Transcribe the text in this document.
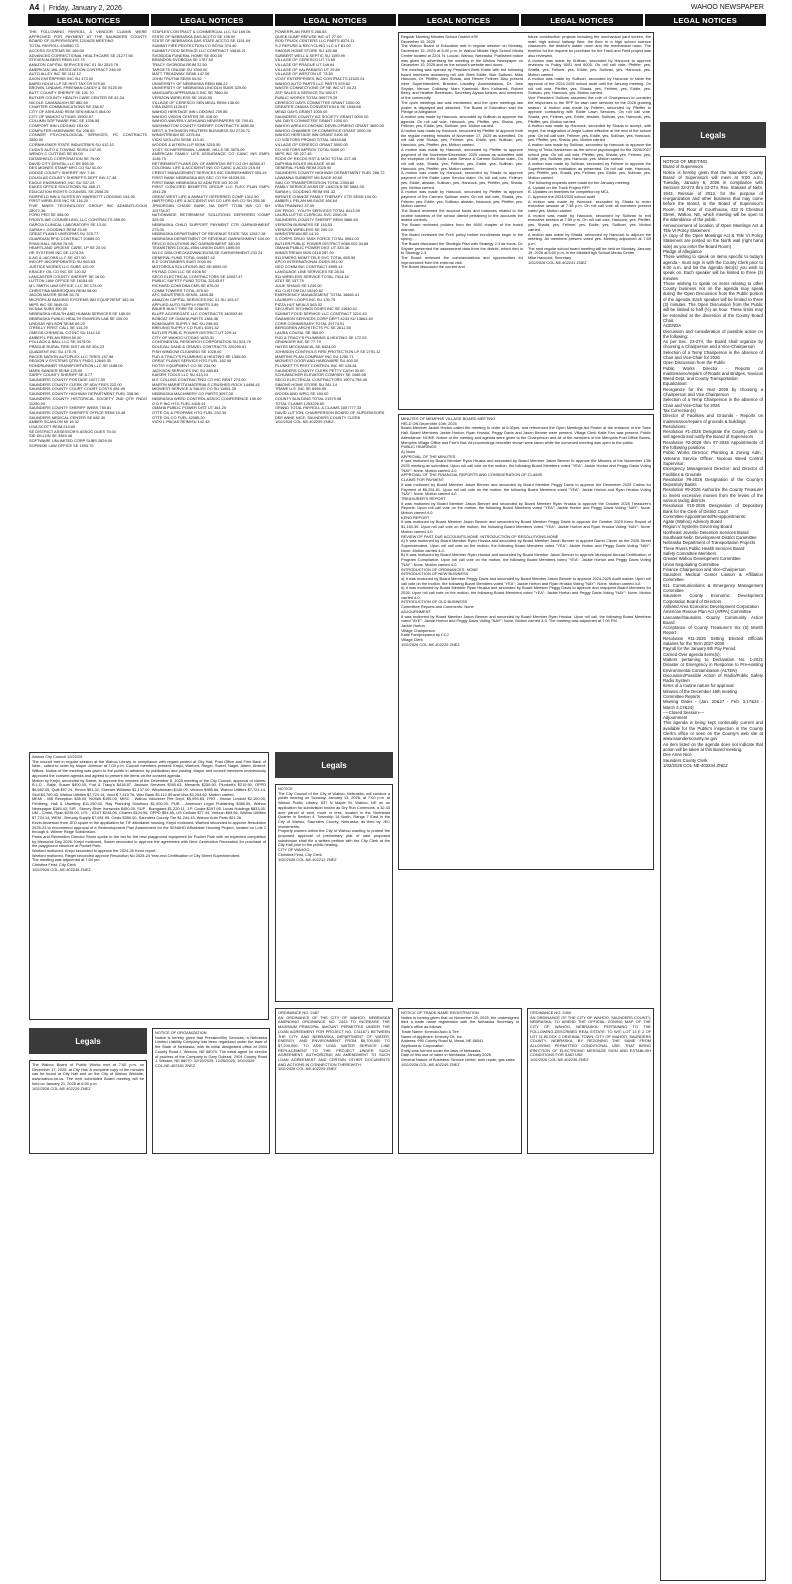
A4  |  Friday, January 2, 2026	WAHOO NEWSPAPER
LEGAL NOTICES	LEGAL NOTICES	LEGAL NOTICES	LEGAL NOTICES	LEGAL NOTICES	LEGAL NOTICES
THE FOLLOWING PAYROLL & VENDOR CLAIMS WERE APPROVED FOR PAYMENT AT THE SAUNDERS COUNTY BOARD OF SUPERVISORS 12/16/25 MEETING
TOTAL PAYROLL 404550.73
ACCESS SYSTEMS SE 169.00
ADVANCED CORRECTIONAL HEALTHCARE SE 21277.58
STEVEN ALBERS REIM 107.73
AMAZON CAPITAL SERVICES INC 01 SU 2515.78
AMERICAN JAIL ASSOCIATION CONTRACT 246.00
AUTO ALLEY INC SE 1111.12
AXON ENTERPRISE INC SU 473.92
BAIRD HOLM LLP SE HIST TAX CR 579.00
BROWN, LINDAHL FREEMAN CADDY & SE 9125.00
BUTT COUNTY SHERIFF SE 101.70
BUTLER COUNTY HEALTH CARE CENTER SE 42.34
NICOLE CAVANAUGH SE 882.50
CHARTER COMMUNICATIONS SE 338.97
CITY OF ASHLAND REIM SEN MEALS 564.00
CITY OF WAHOO UT/GAS 15902.57
COLUMN SOFTWARE PBC SE 1206.55
COMPORT INN LODGING 153.00
COMPUTER HARDWARE SU 208.00
CONNER PSYCHOLOGICAL SERVICES, PC CONTRACTS 2850.00
CORNHUSKER STATE INDUSTRIES SU 412.10
CUDA'S AUTO & TOWING SE/SU 247.00
WENDY C CUTTING SE 55.00
DATASHIELD CORPORATION SE 75.00
DAVID CITY DENTAL LLC SE 895.00
DES MOINES STAMP MFG CO SU 41.00
DODGE COUNTY SHERIFF INV 7.46
DOUGLAS COUNTY SHERIFF'S DEPT INV 17.48
EAGLE ENGRAVING, INC SU 337.23
EAKES OFFICE SOLUTIONS SU 468.17
EDUCATION RIGHTS COUNSEL SE 2506.25
FAIRFIELD INN & SUITES BY MARRIOTT LODGING 154.95
FIRST WIRELESS INC SE 116.20
FIVE NINES TECHNOLOGY GROUP INC ADMIN/TL/COLB 28072.36
FORD PRO SE 308.00
FRONTLINE COUNSELING, LLC CONTRACTS 395.00
GARCIA CLINICAL LABORATORY SE 13.00
SARAH L GOODING REIM 25.00
GREAT PLAINS UNIFORMS SU 378.77
GUARDIAN RFID CONTRACT 20689.00
RYAN HALL SE/MI 76.08
HEARTLAND URGENT CARE, LP SE 20.00
HR SYSTEMS INC SE 1274.28
ILAG & JACOBS LLC SE 437.50
INDOFF INCORPORATED SU 563.63
JUSTICE WORKS LLC SUBS 120.00
KRACEY OIL CO INC SE 120.02
LANCASTER COUNTY SHERIFF SE 16.00
LUTTON LAW OFFICE SE 16154.65
M L SMITH LAW OFFICE, LLC SE 175.00
CHRISTINA MARROQUIN REIM 98.00
JACOB MAYER SE/MI 34.76
MICROFILM IMAGING SYSTEMS IND EQUIP RENT 162.34
MIPS INC SE 3649.03
NCDAA SUBS 350.00
NEBRASKA HEALTH AND HUMAN SERVICES SE 180.00
NEBRASKA PUBLIC HEALTH ENVIRON LAB SE 105.00
LINDSAY NELSON SE/MI 69.20
O'REILLY FIRST CALL SE 114.29
OMEGA CHEMICAL CO INC SU 1114.19
AMBER L PELAN REIM 50.00
POLLACK & BALL LLC SE 3475.00
PRAGUE RURAL FIRE DIST #6 SE 304.23
QUADIENT INC SU 175.75
RACER NATION AUTOPLEX LLC TIRES 157.98
REGION V SYSTEMS QTRLY FNDG 12649.35
RONDRUNNER TRANSPORTATION LLC SE 1188.00
MARK SANDER SE/MI 125.00
SARPY COUNTY SHERIFF SE 8.77
SAUNDERS COUNTY POSTAGE 10277.59
SAUNDERS COUNTY CLERK OF ADV FEES 222.00
SAUNDERS COUNTY COURT COURT COSTS 481.99
SAUNDERS COUNTY HIGHWAY DEPARTMENT FUEL 338.96
SAUNDERS COUNTY HISTORICAL SOCIETY 2ND QTR FNDG 11250.00
SAUNDERS COUNTY SHERIFF WEBS 750.81
SAUNDERS COUNTY SHERIFFS OFFICE REIM 10.48
SAUNDERS MEDICAL CENTER SE 882.30
AMBER SCANLON MI 16.32
LISA SCOTT REIM 219.60
SE DISTRICT ASSESSOR'S ASSOC DUES 75.00
SID DILLON SE 3363.48
SOFTWARE UNLIMITED CORP SUBS 2629.00
SOPINSKI LAW OFFICE SE 1593.75
STAPLES CONTRACT & COMMERCIAL LLC SU 169.06
STATE OF NEBRASKA DAS ACCTG SE 195.00
STATE OF NEBRASKA DAS STATE ACCTG SE 1151.09
SUMMIT FIRE PROTECTION CO SE/SU 374.40
SUMMIT FOOD SERVICE LLC CONTRACT 40816.21
SVOBODA FUNERAL HOME SE 800.00
BRANDON SVOBODA SE 1787.50
TRACY SVOBODA REIM 22.50
TARGETS ONLINE SU 1390.00
MATT TREADWAY SE/MI 147.06
JOHN TRUTNA SE/MI 54.52
UNIVERSITY OF NEBRASKA REIM 658.22
UNIVERSITY OF NEBRASKA LINCOLN SUBS 325.00
VANGUARD APPRAISALS INC SE 7860.00
VERIZON WIRELESS SE 1916.55
VILLAGE OF CERESCO SEN MEAL REIM 136.00
VISA DUES 1126.67
WAHOO HERITAGE INN LODGING 239.85
WAHOO VISION CENTER SE 418.00
WAHOO-WAVERLY-ASHLAND NEWSPAPERS SE 790.61
WASHINGTON COUNTY SHERIFF CONTRACTS 1885.00
WEST, A THOMSON REUTERS BUSINESS SU 2726.72
WINDSTREAM SE 1375.64
VICKI WOLLEN SE/MI 113.41
WOODS & AITKEN LLP SE/MI 3215.50
YOST, SCHAFERSMAN, LAMME, HILLS SE 3578.09
AMERICAN FAMILY LIFE ASSURANCE CO CANC INS EMPL 1145.73
RETIREMENT PLANS DIV OF AMERITAS RET CO DH 46350.37
COLONIAL LIFE & ACCIDENT INS CO CANC & ACCD 215.04
CREDIT MANAGEMENT SERVICES INC GARNISHMENT 354.15
FIRST BANK NEBRASKA 60S SEC CO SH 91039.53
FIRST BANK NEBRASKA 02 ADM FEE DD 10.00
FIRST CONCORD BENEFITS GROUP LLC FLEX PLAN EMPL 1941.28
GREAT-WEST LIFE & ANNUITY DEFERRED COMP 1312.50
HARTFORD LIFE & ACCIDENT INS CO LIFE INS CO SH 255.36
JPMORGAN CHASE BANK, NA DEPT 77158 INS CO SH 113734.37
NATIONWIDE RETIREMENT SOLUTIONS DEFERRED COMP 325.00
NEBRASKA CHILD SUPPORT PAYMENT CTR GARNISHMENT 273.00
NEBRASKA DEPARTMENT OF REVENUE STATE TAX 12617.28
NEBRASKA DEPARTMENT OF REVENUE GARNISHMENT 100.00
REVCO SOLUTIONS INC GARNISHMENT 340.83
TEAMSTERS LOCAL #554 UNION DUES 1695.50
WLCC DBA CHECKADVANCEUSA SE GARNISHMENT 233.24
GENERAL FUND TOTAL 944487.42
B D CONTAINERS SUBT 2000.00
MOTOROLA SOLUTIONS INC SE 8000.00
PS RAD COM LLC SE 6106.50
SECO ELECTRICAL CONTRACTORS SE 18037.47
PUBLIC SAFETY FUND TOTAL 32143.97
RICHARD COMI DBA CMS SE 875.00
COMM TOWERS TOTAL 875.00
AFC INDUSTRIES SENSL 1455.38
AMAZON CAPITAL SERVICES INC 01 SU 103.47
APPLIED AUTO SUPPLY PARTS 3.89
BAUER BUILT TIRE SE 2266.49
BLUFF AGGREGATE LLC CONTRACTS 180932.46
BOBCAT OF OMAHA PARTS 1384.36
BOMGAARS SUPPLY INC SU 298.83
BREUNIG SUPPLY CO FUEL 6191.32
BUTLER PUBLIC POWER DISTRICT UT 229.14
CITY OF WAHOO UT/GAS 1633.31
CONTINENTAL RESEARCH CORPORATION SU 524.70
DOLEZAL SAND & GRAVEL CONTRACTS 225290.61
FISH WINDOW CLEANING SE 1028.00
FUD & TRACY'S PLUMBING & HEATING SE 1355.60
GREAT PLAINS SERVICE HTG FUEL 182.90
HOTSY EQUIPMENT CO SE 234.00
JACKSON SERVICES INC SU 883.83
KAISER TOOLS LLC SU 413.10
M E COLLINS CONTRACTING CO INC RENT 274.00
MARTIN MARIETTA MATERIALS CRUSHED ROCK 14498.41
MIDWEST SERVICE & SALES CO SU 11851.25
NEBRASKA MACHINERY CO PARTS 3097.00
NEBRASKA WEED CONTROL ASSOC CONFERENCE 150.00
O D P INC HTG FUEL 4416.91
OMAHA PUBLIC POWER DIST UT 361.20
OTTE OIL & PROPANE HTG FUEL 232.35
OTTE OIL CO FUEL 42085.20
VICKI L PACAS REIM/SU 142.43
POWERPLAN PARTS 266.83
QUICK DUMP REFUSE INC UT 27.00
ROD TRUCK CENTERS LLC PARTS 8374.11
S-2 REFUSE & RECYCLING LLC UT 81.00
SIMONS HOME STORE SU 126.88
SUBBERT WELL & SEPTIC SU 1199.99
VILLAGE OF CERESCO UT 73.65
VILLAGE OF PRAGUE UT 149.64
VILLAGE OF VALPARAISO UT 29.85
VILLAGE OF WESTON UT 73.50
VOGT ENTERPRISES INC CONTRACTS 11520.01
WAHOO AUTO PARTS LLC PARTS 925.62
WASTE CONNECTIONS OF NE INC UT 40.23
ZEP SALES & SERVICE SU 592.07
PUBLIC WORKS TOTAL 565779.29
CERESCO DAYS COMMITTEE GRANT 1000.00
GREATER OMAHA CONVENTION & SE 1548.68
MEAD DAYS GRANT 1000.00
SAUNDERS COUNTY AG SOCIETY GRANT 5000.00
VAL DAYS COMMITTEE GRANT 1000.00
WAHOO AREA ECONOMIC DEVELOPMENT GRANT 3600.00
WAHOO CHAMBER OF COMMERCE GRANT 3000.00
WAHOO HERITAGE INN GRANT 2400.00
CO VISITORS PROMO TOTAL 18449.68
VILLAGE OF CERESCO GRANT 5000.00
CO VISITORS IMPROV TOTAL 5000.00
MIPS INC SE 227.45
RODS OF RECDS RST & MOD TOTAL 227.45
DAPHINA BOLES MILEAGE 40.60
GENERAL FUND REIM 2025.90
SAUNDERS COUNTY HIGHWAY DEPARTMENT FUEL 286.72
LAWANNA SUBBERT MILEAGE 40.60
SAU CO TRANSPORTATION TOTAL 2393.80
FAMILY SERVICE ASSN OF LINCOLN SE 5683.39
SARAH L GOODING REIM 391.32
INFINITE CHANGE FAMILY THERAPY CTR SE/MI 100.00
AMBER L PELAN MILEAGE 164.64
VISA TRAINING 37.49
DIV PROG - YOUTH SERVICES TOTAL 6413.09
LAURA LUTTIG CLERICAL SVC 2000.00
SAUNDERS COUNTY SHERIFF REIM 3686.59
VERIZON BUSINESS SE 116.53
VERIZON WIRELESS SE 290.22
WINDSTREAM SE 14.19
S CORPS DRUG TASK FORCE TOTAL 5961.03
BUTLER PUBLIC POWER DISTRICT 5069.002 34.68
OMAHA PUBLIC POWER DIST UT 333.36
WINDSTREAM 9020.0118 287.90
911 EMERG MGMT TELE SVC TOTAL 655.96
APCO INTERNATIONAL DUES 391.00
GEO COMM INC CONTRACT 6995.14
LANGUAGE LINE SERVICES SE 28.04
911 WIRELESS SERVICE TOTAL 7414.18
AT&T SE 157.79
JULIE SHAUD SE 1240.00
911 CUSTOM DU 15240.62
EMERGENCY MANAGEMENT TOTAL 16640.41
LAUNDRY LOOPS INC SU 130.75
PIZZA HUT MEALS 563.32
SECURUS TECHNOLOGIES INC SE 11630.01
SUMMIT FOOD SERVICE LLC CONTRACT 3210.43
SWANSON SERVICES CORP DEPT #233 SU 13661.40
CORR COMMISSARY TOTAL 29774.91
BERGGREN ARCHITECTS PC SE 2612.50
LAURA COUFAL SE 360.00
FUD & TRACY'S PLUMBING & HEATING SE 172.53
GRAINGER INC SE 77.79
HAYES MECHANICAL SE 6424.00
JOHNSON CONTROLS FIRE PROTECTION LP SE 2791.12
MARTINS PLAN COMPANY INC SU 1250.71
MIDWEST DOOR AND HARDWARE SU 400.00
PLUNKETT'S PEST CONTROL INC SE 128.61
SAUNDERS COUNTY CLERK PETTY CASH 30.00
SCHUMACHER ELEVATOR COMPANY SE 1065.98
SECO ELECTRICAL CONTRACTORS 19074.755.45
SIMONS HOME STORE SU 281.14
TRANE U.S. INC SE 6496.55
WOODLAND WPIC SE 180.00
COUNTY BUILDING TOTAL 21379.98
TOTAL CLAIMS 1253226.60
GRAND TOTAL PAYROLL & CLAIMS 1657777.33
DAVID LUTTON, CHAIRPERSON BOARD OF SUPERVISORS
DEE ANNE NICE, SAUNDERS COUNTY CLERK
1/02/2026 COL-NE-402239 ZNEZ
Regular Meeting Minutes School District #39
December 15, 2025
The Wahoo Board of Education met in regular session on Monday, December 15, 2025 at 6:00 p.m. in Wahoo Middle High School Media Center located at 2201 N. Locust, Wahoo, Nebraska. Published notice was given by advertising the meeting in the Wahoo Newspaper on December 10, 2025 and on the school's website and doors.
The meeting was opened by President Brett Eddie with the following board members answering roll call: Brett Eddie, Bob Sullivan, Mike Hancock, Dr. Pfeiffer, Alex Shada, and Renee Fellmer. Also present were Superintendent, Brandon Lavalley, Administrators, Dr. Josh Snyder, Vernon Colldway, Marc Kaminski, Ben Kulhanek, Robert Berry, and Heather Beeleman, Secretary Alyssa Nelson, and members of the community.
The open meetings law was mentioned, and the open meetings law poster is displayed and attached. The Board of Education said the Pledge of Allegiance.
A motion was made by Hancock, seconded by Sullivan to approve the agenda. On roll call vote, Hancock, yes, Pfeiffer, yes, Shada, yes, Fellmer, yes, Eddie, yes, Sullivan, yes. Motion carried.
A motion was made by Hancock, seconded by Pfeiffer to approve both the regular meeting minutes of November 17, 2025 as submitted. On roll call vote Shada, yes, Fellmer, yes, Eddie, yes, Sullivan, yes, Hancock, yes, Pfeiffer, yes. Motion carried.
A motion was made by Hancock, seconded by Pfeiffer to approve payment of the November/December 2025 claims as submitted with the exception of the Eddie Lawn Service & Carmen Sullivan claim. On roll call vote, Shada, yes, Fellmer, yes, Eddie, yes, Sullivan, yes, Hancock, yes, Pfeiffer, yes. Motion carried.
A motion was made by Hancock, seconded by Shada to approve payment of the Eddie Lawn Service claim. On roll call vote, Fellmer, yes, Eddie, abstain, Sullivan, yes, Hancock, yes, Pfeiffer, yes, Shada, yes. Motion carried.
A motion was made by Hancock, seconded by Pfeiffer to approve payment of the Carmen Sullivan claim. On roll call vote, Shada, yes, Fellmer, yes, Eddie, yes, Sullivan, abstain, Hancock, yes, Pfeiffer, yes. Motion carried.
The Board reviewed the account funds and balances related to the routine business of the school district pertaining to the accounts the district controls.
The Board reviewed policies from the 6000 chapter of the board manual.
The Board reviewed the PreK policy before enrollments begin in the spring.
The Board discussed the Strategic Plan with Strategy 2.3 as focus. Dr. Snyder presented the assessment data from the district, which tied in to Strategy 2.3.
The Board reviewed the commendations and opportunities for improvement from the external visit.
The Board discussed the current and
future construction projects including the mechanical yard screen, the main high school hallway floor, the floor in a high school science classroom, the district's ladder room and the mechanical room. The timeline for the request for purchase for the Track and Field project was also reviewed.
A motion was made by Sullivan, seconded by Hancock to approve revisions to Policy 6001 and 6005. On roll call vote, Pfeiffer, yes, Shada, yes, Fellmer, yes, Eddie, yes, Sullivan, yes, Hancock, yes. Motion carried.
A motion was made by Sullivan, seconded by Hancock to table the approval of the 2024-2025 school audit until the January meeting. On roll call vote, Pfeiffer, yes, Shada, yes, Fellmer, yes, Eddie, yes, Sullivan, yes, Hancock, yes. Motion carried.
Vice President Sullivan assumed the role of Chairperson to consider the responses to the RFP for lawn care services for the 2026 growing season. A motion was made by Fellmer, seconded by Pfeiffer to approve contracting with Eddie Lawn Services. On roll call vote, Shada, yes, Fellmer, yes, Eddie, abstain, Sullivan, yes, Hancock, yes, Pfeiffer, yes. Motion carried.
A motion was made by Hancock, seconded by Shada to accept, with regret, the resignation of Angie Luben effective at the end of the school year. On roll call vote, Fellmer, yes, Eddie, yes, Sullivan, yes, Hancock, yes, Pfeiffer, yes, Shada, yes. Motion carried.
A motion was made by Sullivan, seconded by Hancock to approve the hiring of Tricia Hankerson as the school psychologist for the 2026/2027 school year. On roll call vote, Pfeiffer, yes, Shada, yes, Fellmer, yes, Eddie, yes, Sullivan, yes, Hancock, yes. Motion carried.
A motion was made by Sullivan, seconded by Fellmer to approve the Superintendent's evaluation as presented. On roll call vote, Hancock, yes, Pfeiffer, yes, Shada, yes, Fellmer, yes, Eddie, yes, Sullivan, yes. Motion carried.
The following requests were made for the January meeting:
A. Update on the Track Project RFP
B. Updates on timelines for completion by MCL
C. Approve the 2024/2025 school audit
A motion was made by Hancock, seconded by Shada to enter executive session at 7:38 p.m. On roll call vote all members present voted yes. Motion carried.
A motion was made by Hancock, seconded by Sullivan to exit executive session at 7:59 p.m. On roll call vote, Hancock, yes, Pfeiffer, yes, Shada, yes, Fellmer, yes, Eddie, yes, Sullivan, yes. Motion carried.
A motion was made by Shada, seconded by Hancock to adjourn the meeting. All members present voted yes. Meeting adjourned at 7:59 p.m.
The next regular school board meeting will be held on Monday, January 19, 2026 at 6:00 p.m. in the Middle/High School Media Center.
Mike Hancock, Secretary
1/02/2026 COL-NE-402241 ZNEZ
MINUTES OF MEMPHIS VILLAGE BOARD MEETING
HELD ON December 10th, 2025
Board Member Jackie Horton called the meeting to order at 6:30pm. and referenced the Open Meetings Act Poster at the entrance of the Town Hall. Board Members Jackie Horton, Ryan Hruska, Peggy Davis and Jason Benner were present. Village Clerk Katie Farr was present. Public Attendance: NONE. Notice of the meeting and agenda were given to the Chairperson and all of the members of the Memphis Post Office Boxes, Memphis Village Office and Farr's Bar. All proceedings hereafter shown were taken while the convened meeting was open to the public.
PUBLIC HEARINGS
A) None
APPROVAL OF THE MINUTES
It was motioned by Board Member Ryan Hruska and seconded by Board Member Jason Benner to approve the Minutes of the November 13th 2025 meeting as submitted. Upon roll call vote on the motion, the following Board Members voted "YEA": Jackie Horton and Peggy Davis Voting "NAY": None. Motion carried 4-0.
APPROVAL OF THE FINANCIAL REPORTS AND CONSIDERATION OF CLAIMS
CLAIMS FOR PAYMENT
It was motioned by Board Member Jason Benner and seconded by Board Member Peggy Davis to approve the December 2025 Claims for Payment of $6,251.61. Upon roll call vote on the motion, the following Board Members voted "YEA": Jackie Horton and Ryan Hruska Voting "NAY": None. Motion carried 4-0.
TREASURER'S REPORT
It was motioned by Board Member Jason Benner and seconded by Board Member Ryan Hruska to approve the October 2025 Treasurer's Reports. Upon roll call vote on the motion, the following Board Members voted "YEA": Jackie Horton and Peggy Davis Voting "NAY": None. Motion carried 4-0.
KENO REPORT
It was motioned by Board Member Jason Benner and seconded by Board Member Peggy Davis to approve the October 2025 Keno Report of $1,163.39. Upon roll call vote on the motion, the following Board Members voted "YEA": Jackie Horton and Ryan Hruska Voting "NAY": None. Motion carried 4-0.
REVIEW OF PAST DUE ACCOUNTS-NONE. INTRODUCTION OF RESOLUTIONS-NONE
A) It was motioned by Board Member Ryan Hruska and seconded by Board Member Jason Benner to appoint Darrel Clever as the 2026 Street Superintendent. Upon roll call vote on the motion, the following Board Members voted "YEA": Jackie Horton and Peggy Davis Voting "NAY": None. Motion carried 4-0.
B) It was motioned by Board Member Ryan Hruska and seconded by Board Member Jason Benner to approve Municipal Annual Certification of Program Compliance. Upon roll call vote on the motion, the following Board Members voted "YEA": Jackie Horton and Peggy Davis Voting "NAY": None. Motion carried 4-0.
INTRODUCTION OF ORDINANCES- NONE
INTRODUCTION OF NEW BUSINESS
a) It was motioned by Board Member Peggy Davis and seconded by Board Member Jason Benner to approve 2024-2025 Audit waiver. Upon roll call vote on the motion, the following Board Members voted "YEA": Jackie Horton and Ryan Hruska Voting "NAY": None. Motion carried 4-0.
b) It was motioned by Board Member Ryan Hruska and seconded by Board Member Peggy Davis to approve and reappoint Board Members for 2026. Upon roll call vote on the motion, the following Board Members voted "YEA": Jackie Horton and Peggy Davis Voting "NAY": None. Motion carried 4-0.
INTRODUCTION OF OLD BUSINESS
Committee Reports and Comments- None
ADJOURNMENT
It was motioned by Board Member Jason Benner and seconded by Board Member Ryan Hruska. Upon roll call, the following Board Members voted "AYE": Jackie Horton and Peggy Davis Voting "NAY": None. Motion carried 4-0. The meeting was adjourned at 7:00 PM.
Jackie Horton
Village Chairperson
Katie Farr/prepared by CCJ
Village Clerk
1/02/2026 COL-NE-402225 ZNEZ
Legals
NOTICE OF MEETING
Board of Supervisors
Notice is hereby given that the Saunders County Board of Supervisors will meet at 9:00 a.m., Tuesday, January 6, 2026 in compliance with Sections 23-272 thru 23-274, Rev. Statutes of Nebr. 1943, Reissue of 2012, for the purpose of reorganization and other business that may come before the Board, in the Board of Supervisor's Room, 3rd Floor of Courthouse, 433 N Chestnut Street, Wahoo, NE, which meeting will be open to the attendance of the public.
Announcement of location of Open Meetings Act & Title VI Policy Statement
(A copy of the Open Meetings Act & Title VI Policy Statement are posted on the North wall (right hand side) as you enter the Board Room)
Pledge of Allegiance
Those wishing to speak on items specific to today's agenda - must sign in with the County Clerk prior to 9:00 a.m. and list the agenda item(s) you wish to speak on. Each speaker will be limited to three (3) minutes
Those wishing to speak on items relating to other County business not on the agenda may speak during the Open Discussion from the Public portion of the agenda. Each speaker will be limited to three (3) minutes. The Open Discussion from the Public will be limited to half (½) an hour. These limits may be extended at the discretion of the County Board Chair.
AGENDA
Discussion and consideration of possible action on the following:
As per Sec. 23-274, the Board shall organize by choosing a Chairperson and a Vice-Chairperson
Selection of a Temp Chairperson in the absence of Chair and Vice-Chair for 2026
Open Discussion from the Public
Public Works Director - Reports on maintenance/repairs of Roads and Bridges, Noxious Weed Dept. and County Transportation:
Equalization:
Reorganize for the Year 2026 by choosing a Chairperson and Vice Chairperson
Selection of a Temp Chairperson in the absence of Chair and Vice-Chair for 2026
Tax Correction(s)
Director of Facilities and Grounds - Reports on maintenance/repairs of grounds & buildings
Resolutions:
Resolution #1-2026 Designate the County Clerk to sell agenda and notify the Board of Supervisors
Resolution #2-2026 thru #7-2026 Appointments of the following positions
Public Works Director; Planning & Zoning Adm.; Veterans Service Officer; Noxious Weed Control Supervisor;
Emergency Management Director; and Director of Facilities & Grounds
Resolution #8-2026 Designation of the County's Depository Banks
Resolution #9-2026 Authorize the County Treasurer to invest excessive monies from the levies of the various taxing districts
Resolution #10-2026 Designation of Depository Bank for the Clerk of District Court
Committee Appointments/Re-appointments:
Agate (Wahoo) Advisory Board
Region V Systems Governing Board
Northeast Juvenile Detention Services Board
Southeast Nebr. Development District Committee
Nebraska Department of Transportation Projects
Three Rivers Public Health Services Board
Safety Committee Members
Greater Wahoo Development Committee
Union Negotiating Committee
Finance Chairperson and Vice-Chairperson
Saunders Medical Center Liaison & Affiliation Committee
911 Communications & Emergency Management Committee
Saunders County Economic Development Corporation Board of Directors
Ashland Area Economic Development Corporation
American Rescue Plan Act (ARPA) Committee
Lancaster/Saunders County Community Action Board
Acceptance of County Treasurer's Six (6) Month Report
Resolution #11-2026 Setting Elected Officials Salaries for the Term 2027-2030
Payroll for the January 9th Pay Period
Carried Over agenda items(s):
Matters pertaining to Declaration No. 1-2021 Disaster or Emergency in Response to Pre-existing Environmental Contamination (ALTEN)
Discussion/Possible Action of Radio/Public Safety Radio System
Items of a routine nature for approval:
Minutes of the December 16th meeting
Committee Reports
Meeting Dates - (Jan. 20&27 - Feb. 3,17&24 - March 3,17&24)
----Closed Session----
Adjournment
This agenda is being kept continually current and available for the Public's inspection in the County Clerk's office or seen on the County's web site at www.saunderscounty.ne.gov
An item listed on the agenda does not indicate that action will be taken at this Board meeting.
Dee Anne Nice
Saunders County Clerk
1/02/2026 COL-NE-402234 ZNEZ
Wahoo City Council 12/22/25
The council met in regular session at the Wahoo Library, in compliance with regard posted at City Hall, Post Office and First Bank of Nebr., called to order by Mayor Johnson at 7:00 p.m. Council members present: Krejci, Warford, Riegel, Sweet, Nagel, Albert. Absent: Wilkes. Notice of the meeting was given to the public in advance by publication and posting. Mayor and council members unanimously approved the consent agenda and agreed to present the items on the consent agenda.
Motion by Krejci, seconded by Sweet, to approve the minutes of the December 8, 2025 meeting of the City Council, approval of claims: B.L.D - Baltz, Susan $400.00, Fud & Tracy's $418.87, Jackson Services $390.63, Menards $259.50, Plunkett's $219.50, OPPD $6,652.05, Quill $97.24, Revco $51.32, Sherwin-Williams $1,137.00, Windstream $145.09, Verizon $985.66, Wahoo Utilities $7,724.14, Stull $4,760.43, Wahoo Utilities $7,724.14, Vinci $ 7,410.76, Wex Bank $3,112.59 and Visa $3,254.62. Motion carried.
MEMI - MB Reception $35.00, NOWA $195.00, MISC - Wahoo Volunteer Fire Dept. $5,999.83, FRO - Brown Lindahl $2,100.00, Fehlberg, Hall & Ulwelling $11,250.00, Ray Planning Solutions $1,000.00, PUB - American Legal Publishing $380.00, Wahoo Newspaper $165.43, SIR - Stoney River Ironworks $450.00, SUP - Bomgaars $1,220.11, J.P. Cooke $197.95, Lucas Holdings $833.00, UM - Christ, Ryan $235.00, UTL - AT&T $248.05, Charter $124.95, OPPD $54.85, US Cellular $77.44, Verizon $65.56, Wahoo Utilities $7,724.14, WEM - Breunig Supply $7,651.95. Costs $350.00, Saunders County Tire $1,244.43, Wahoo Auto Parts $21.26.
Kevin Anderson from JEO spoke to the application for TIF affordable housing. Krejci motioned, Warford seconded to approve Resolution 2025-23 to recommend approval of a Redevelopment Plan Amendment for the SENAHD Affordable Housing Project, located on Lots 1 through 6, Wilmer Ridge Subdivision.
Parks and Recreation Director Sturtz spoke to the bid for the new playground equipment for Pocket Park with an expected completion by Memorial Day 2026. Krejci motioned, Sweet seconded to approve the agreement with Next Generation Recreation for purchase of the playground structure at Pocket Park.
Warford motioned, Krejci seconded to approve the 2024-25 Keno report.
Warford motioned, Riegel seconded approve Resolution No 2025-24 Year-end Certification of City Street Superintendent.
The meeting was adjourned at 7:54 pm
Christina Feist, City Clerk
1/02/2026 COL-NE-402248 ZNEZ
Legals
NOTICE
The City Council of the City of Wahoo, Nebraska, will conduct a public hearing on Tuesday, January 13, 2026, at 7:00 p.m. at Wahoo Public Library, 637 N Maple St, Wahoo, NE on an application for subdivision known as Dry Run Commons, a 32.43 acre parcel of land, more or less, located in the Northeast Quarter in Section 4, Township 14 North, Range 7 East in the City of Wahoo, Saunders County, Nebraska, as filed by JEC Investments.
Property owners within the City of Wahoo wanting to protest the proposed approval of preliminary plat of said proposed subdivision shall file a written petition with the City Clerk at the City Hall prior to the public hearing.
CITY OF WAHOO
Christina Feist, City Clerk
1/02/2026 COL-NE-402212 ZNEZ
ORDINANCE NO. 2487
AN ORDINANCE OF THE CITY OF WAHOO, NEBRASKA AMENDING ORDINANCE NO. 2443 TO INCREASE THE MAXIMUM PRINCIPAL AMOUNT PERMITTED UNDER THE LOAN AGREEMENT FOR PROJECT NO. C311671 BETWEEN THE CITY AND NEBRASKA DEPARTMENT OF WATER, ENERGY, AND ENVIRONMENT FROM $5,700,000 TO $7,200,000; TO ADD LEAD WATER SERVICE LINE REPLACEMENT TO THE PROJECT UNDER SUCH AGREEMENT; AUTHORIZING AN AMENDMENT TO SUCH LOAN AGREEMENT AND CERTAIN OTHER DOCUMENTS AND ACTIONS IN CONNECTION THEREWITH.
1/02/2026 COL-NE-402225 ZNEZ
Legals
The Wahoo Board of Public Works met at 7:00 p.m. on December 17, 2025, at City Hall. A complete copy of the minutes can be found at City Hall and on the City of Wahoo Website, www.wahoo.ne.us. The next scheduled Board meeting will be held on January 21, 2026 at 6:00 p.m.
1/02/2026 COL-NE-402229 ZNEZ
NOTICE OF ORGANIZATION
Notice is hereby given that PrecisionSky Services, a Nebraska Limited Liability Company has been organized under the laws of the State of Nebraska, with its initial designated office at 2904 County Road J, Weston, NE 68070. The initial agent for service of process of the Company is Gary Dolezal, 2904 County Road J, Weston, NE 68070. 12/19/2025, 12/26/2025, 1/02/2026
COL-NE-402181 ZNEZ
NOTICE OF TRADE NAME REGISTRATION
Notice is hereby given that on November 25, 2025, the undersigned filed a trade name registration with the Nebraska Secretary of State's office as follows:
Trade Name: Kmecko Auto & Tire
Name of Applicant: Kmecky Oil, Inc.
Address: 990 County Road M, Mead, NE 68041
Applicant is: Corporation
Entity was formed under the laws of Nebraska.
Date of first use of name in Nebraska: January 2025
General Nature of Business: Service center, auto repair, gas sales
1/02/2026 COL-NE-402245 ZNEZ
ORDINANCE NO. 2490
AN ORDINANCE OF THE CITY OF WAHOO, SAUNDERS COUNTY, NEBRASKA, TO AMEND THE OFFICIAL ZONING MAP OF THE CITY OF WAHOO, NEBRASKA, PERTAINING TO THE FOLLOWING-DESCRIBED REAL ESTATE: TO WIT: LOT 13 E 2 OF LOT 11 BLOCK 2 ORIGINAL TOWN, CITY OF WAHOO, SAUNDERS COUNTY, NEBRASKA; BY REZONING THE SAME FROM ALLOWING PERMITTED CONDITIONAL USE, THAT BEING ERECTION OF ELECTRONIC MESSAGE SIGN AND ESTABLISH CONDITIONS FOR SAID USE
1/02/2026 COL-NE-402236 ZNEZ
